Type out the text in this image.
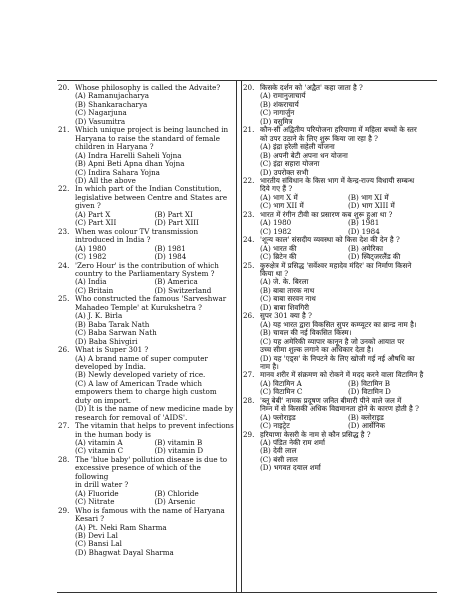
20. Whose philosophy is called the Advaite?
(A) Ramanujacharya
(B) Shankaracharya
(C) Nagarjuna
(D) Vasumitra
21. Which unique project is being launched in
Haryana to raise the standard of female
children in Haryana ?
(A) Indra Harelli Saheli Yojna
(B) Apni Beti Apna dhan Yojna
(C) Indira Sahara Yojna
(D) All the above
22. In which part of the Indian Constitution,
legislative between Centre and States are
given ?
(A) Part X	(B) Part XI
(C) Part XII	(D) Part XIII
23. When was colour TV transmission
introduced in India ?
(A) 1980	(B) 1981
(C) 1982	(D) 1984
24. 'Zero Hour' is the contribution of which
country to the Parliamentary System ?
(A) India	(B) America
(C) Britain	(D) Switzerland
25. Who constructed the famous 'Sarveshwar
Mahadeo Temple' at Kurukshetra ?
(A) J. K. Birla
(B) Baba Tarak Nath
(C) Baba Sarwan Nath
(D) Baba Shivgiri
26. What is Super 301 ?
(A) A brand name of super computer
developed by India.
(B) Newly developed variety of rice.
(C) A law of American Trade which
empowers them to charge high custom
duty on import.
(D) It is the name of new medicine made by
research for removal of 'AIDS'.
27. The vitamin that helps to prevent infections
in the human body is
(A) vitamin A	(B) vitamin B
(C) vitamin C	(D) vitamin D
28. The 'blue baby' pollution disease is due to
excessive presence of which of the following
in drill water ?
(A) Fluoride	(B) Chloride
(C) Nitrate	(D) Arsenic
29. Who is famous with the name of Haryana
Kesari ?
(A) Pt. Neki Ram Sharma
(B) Devi Lal
(C) Bansi Lal
(D) Bhagwat Dayal Sharma
20. किसके दर्शन को 'अद्वैत' कहा जाता है ?
(A) रामानुजाचार्य
(B) शंकराचार्य
(C) नागार्जुन
(D) वसुमित्र
21. कौन-सी अद्वितीय परियोजना हरियाणा में महिला बच्चों के स्तर
को उपर उठाने के लिए शुरू किया जा रहा है ?
(A) इंद्रा हरेली सहेली योजना
(B) अपनी बेटी अपना धन योजना
(C) इंद्रा सहारा योजना
(D) उपरोक्त सभी
22. भारतीय संविधान के किस भाग में केन्द्र-राज्य विधायी सम्बन्ध
दिये गए हैं ?
(A) भाग X में	(B) भाग XI में
(C) भाग XII में	(D) भाग XIII में
23. भारत में रंगीन टीवी का प्रसारण कब शुरू हुआ था ?
(A) 1980	(B) 1981
(C) 1982	(D) 1984
24. 'शून्य काल' संसदीय व्यवस्था को किस देश की देन है ?
(A) भारत की	(B) अमेरिका
(C) ब्रिटेन की	(D) स्विट्जरलैंड की
25. कुरुक्षेत्र में प्रसिद्ध 'सर्वेश्वर महादेव मंदिर' का निर्माण किसने
किया था ?
(A) जे. के. बिरला
(B) बाबा तारक नाथ
(C) बाबा सरवन नाथ
(D) बाबा शिवगिरी
26. सुपर 301 क्या है ?
(A) यह भारत द्वारा विकसित सुपर कम्प्यूटर का ब्रान्ड नाम है।
(B) चावल की नई विकसित किस्म।
(C) यह अमेरिकी व्यापार कानून है जो उनको आयात पर
उच्च सीमा शुल्क लगाने का अधिकार देता है।
(D) यह 'एड्स' के निपटने के लिए खोजी गई नई औषधि का
नाम है।
27. मानव शरीर में संक्रमण को रोकने में मदद करने वाला विटामिन है
(A) विटामिन A	(B) विटामिन B
(C) विटामिन C	(D) विटामिन D
28. 'ब्लू बेबी' नामक प्रदूषण जनित बीमारी पीने वाले जल में
निम्न में से किसकी अधिक विद्यमानता होने के कारण होती है ?
(A) फ्लोराइड	(B) क्लोराइड
(C) नाइट्रेट	(D) आर्सेनिक
29. हरियाणा केसरी के नाम से कौन प्रसिद्ध है ?
(A) पंडित नेकी राम शर्मा
(B) देवी लाल
(C) बंसी लाल
(D) भगवत दयाल शर्मा
